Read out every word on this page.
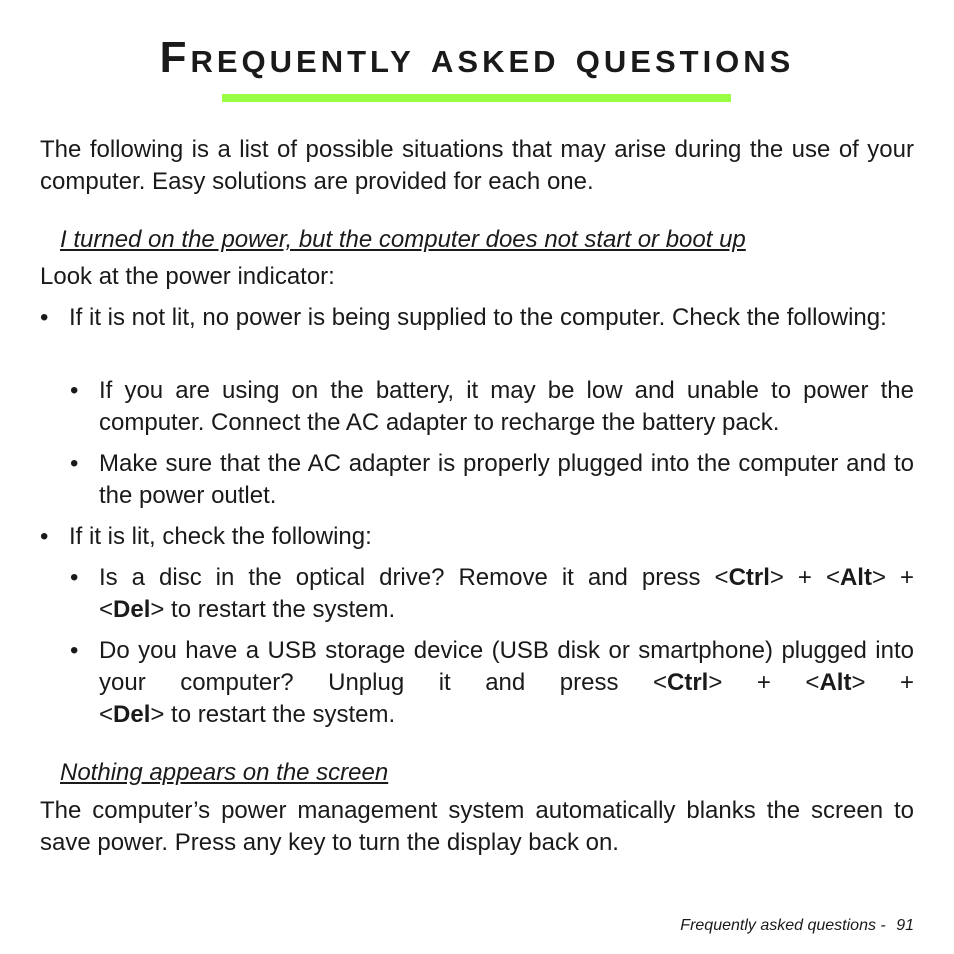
Frequently asked questions

The following is a list of possible situations that may arise during the use of your computer. Easy solutions are provided for each one.

I turned on the power, but the computer does not start or boot up

Look at the power indicator:

• If it is not lit, no power is being supplied to the computer. Check the following:

• If you are using on the battery, it may be low and unable to power the computer. Connect the AC adapter to recharge the battery pack.

• Make sure that the AC adapter is properly plugged into the computer and to the power outlet.

• If it is lit, check the following:

• Is a disc in the optical drive? Remove it and press <Ctrl> + <Alt> +
<Del> to restart the system.
• Do you have a USB storage device (USB disk or smartphone) plugged into your computer? Unplug it and press <Ctrl> + <Alt> +
<Del> to restart the system.
Nothing appears on the screen

The computer’s power management system automatically blanks the screen to save power. Press any key to turn the display back on.

Frequently asked questions - 91
